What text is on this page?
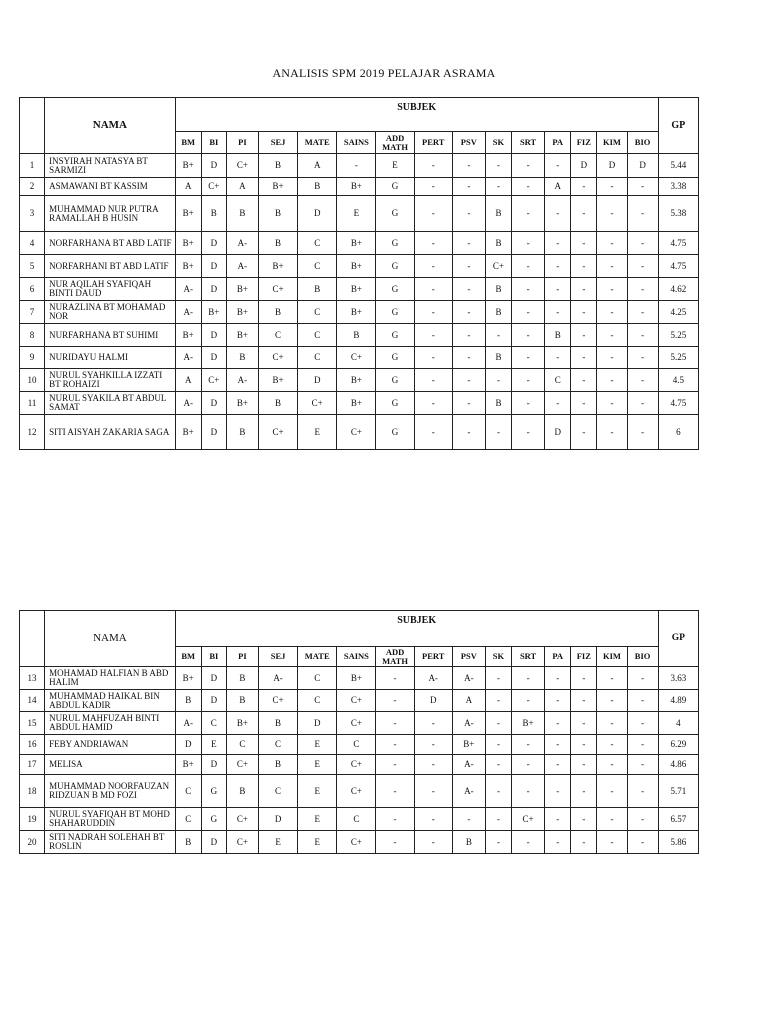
ANALISIS SPM 2019 PELAJAR ASRAMA
	NAMA	SUBJEK															GP
		BM	BI	PI	SEJ	MATE	SAINS	ADD MATH	PERT	PSV	SK	SRT	PA	FIZ	KIM	BIO	
1	INSYIRAH NATASYA BT SARMIZI	B+	D	C+	B	A	-	E	-	-	-	-	-	D	D	D	5.44
2	ASMAWANI BT KASSIM	A	C+	A	B+	B	B+	G	-	-	-	-	A	-	-	-	3.38
3	MUHAMMAD NUR PUTRA RAMALLAH B HUSIN	B+	B	B	B	D	E	G	-	-	B	-	-	-	-	-	5.38
4	NORFARHANA BT ABD LATIF	B+	D	A-	B	C	B+	G	-	-	B	-	-	-	-	-	4.75
5	NORFARHANI BT ABD LATIF	B+	D	A-	B+	C	B+	G	-	-	C+	-	-	-	-	-	4.75
6	NUR AQILAH SYAFIQAH BINTI DAUD	A-	D	B+	C+	B	B+	G	-	-	B	-	-	-	-	-	4.62
7	NURAZLINA BT MOHAMAD NOR	A-	B+	B+	B	C	B+	G	-	-	B	-	-	-	-	-	4.25
8	NURFARHANA BT SUHIMI	B+	D	B+	C	C	B	G	-	-	-	-	B	-	-	-	5.25
9	NURIDAYU HALMI	A-	D	B	C+	C	C+	G	-	-	B	-	-	-	-	-	5.25
10	NURUL SYAHKILLA IZZATI BT ROHAIZI	A	C+	A-	B+	D	B+	G	-	-	-	-	C	-	-	-	4.5
11	NURUL SYAKILA BT ABDUL SAMAT	A-	D	B+	B	C+	B+	G	-	-	B	-	-	-	-	-	4.75
12	SITI AISYAH ZAKARIA SAGA	B+	D	B	C+	E	C+	G	-	-	-	-	D	-	-	-	6
	NAMA	SUBJEK															GP
		BM	BI	PI	SEJ	MATE	SAINS	ADD MATH	PERT	PSV	SK	SRT	PA	FIZ	KIM	BIO	
13	MOHAMAD HALFIAN B ABD HALIM	B+	D	B	A-	C	B+	-	A-	A-	-	-	-	-	-	-	3.63
14	MUHAMMAD HAIKAL BIN ABDUL KADIR	B	D	B	C+	C	C+	-	D	A	-	-	-	-	-	-	4.89
15	NURUL MAHFUZAH BINTI ABDUL HAMID	A-	C	B+	B	D	C+	-	-	A-	-	B+	-	-	-	-	4
16	FEBY ANDRIAWAN	D	E	C	C	E	C	-	-	B+	-	-	-	-	-	-	6.29
17	MELISA	B+	D	C+	B	E	C+	-	-	A-	-	-	-	-	-	-	4.86
18	MUHAMMAD NOORFAUZAN RIDZUAN B MD FOZI	C	G	B	C	E	C+	-	-	A-	-	-	-	-	-	-	5.71
19	NURUL SYAFIQAH BT MOHD SHAHARUDDIN	C	G	C+	D	E	C	-	-	-	-	C+	-	-	-	-	6.57
20	SITI NADRAH SOLEHAH BT ROSLIN	B	D	C+	E	E	C+	-	-	B	-	-	-	-	-	-	5.86
